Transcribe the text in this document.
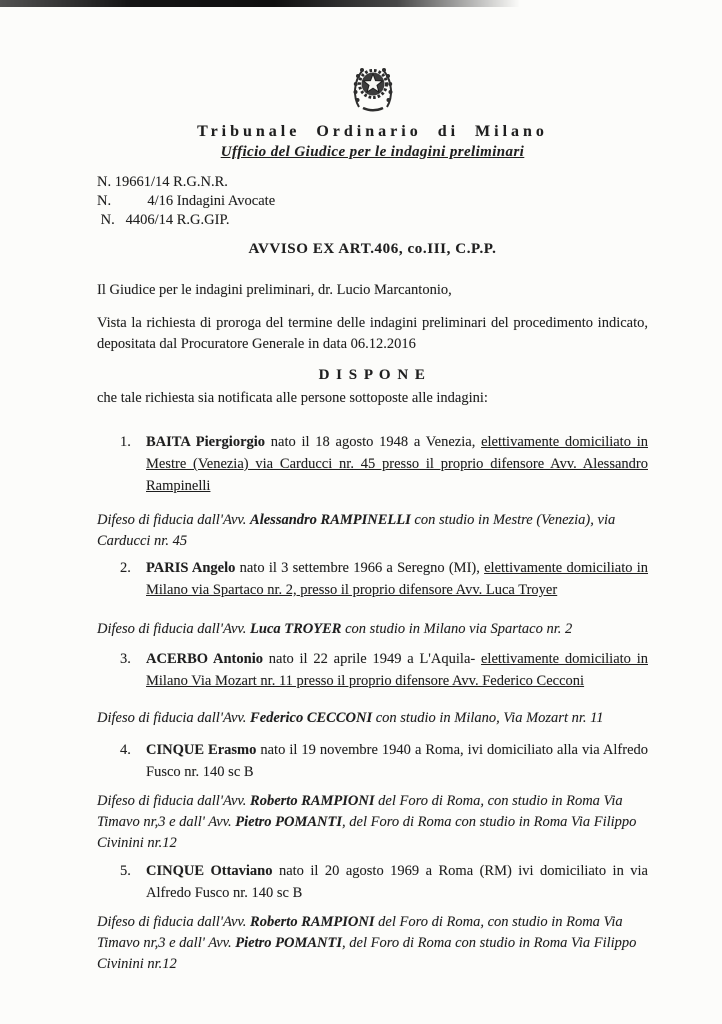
Tribunale Ordinario di Milano
Ufficio del Giudice per le indagini preliminari
N. 19661/14 R.G.N.R.
N.          4/16 Indagini Avocate
N.   4406/14 R.G.GIP.
AVVISO EX ART.406, co.III, C.P.P.
Il Giudice per le indagini preliminari, dr. Lucio Marcantonio,
Vista la richiesta di proroga del termine delle indagini preliminari del procedimento indicato, depositata dal Procuratore Generale in data 06.12.2016
D I S P O N E
che tale richiesta sia notificata alle persone sottoposte alle indagini:
1.	BAITA Piergiorgio nato il 18 agosto 1948 a Venezia, elettivamente domiciliato in Mestre (Venezia) via Carducci nr. 45 presso il proprio difensore Avv. Alessandro Rampinelli

Difeso di fiducia dall'Avv. Alessandro RAMPINELLI con studio in Mestre (Venezia), via Carducci nr. 45

2.	PARIS Angelo nato il 3 settembre 1966 a Seregno (MI), elettivamente domiciliato in Milano via Spartaco nr. 2, presso il proprio difensore Avv. Luca Troyer

Difeso di fiducia dall'Avv. Luca TROYER con studio in Milano via Spartaco nr. 2

3.	ACERBO Antonio nato il 22 aprile 1949 a L'Aquila- elettivamente domiciliato in Milano Via Mozart nr. 11 presso il proprio difensore Avv. Federico Cecconi

Difeso di fiducia dall'Avv. Federico CECCONI con studio in Milano, Via Mozart nr. 11

4.	CINQUE Erasmo nato il 19 novembre 1940 a Roma, ivi domiciliato alla via Alfredo Fusco nr. 140 sc B

Difeso di fiducia dall'Avv. Roberto RAMPIONI del Foro di Roma, con studio in Roma Via Timavo nr,3 e dall' Avv. Pietro POMANTI, del Foro di Roma con studio in Roma Via Filippo Civinini nr.12

5.	CINQUE Ottaviano nato il 20 agosto 1969 a Roma (RM) ivi domiciliato in via Alfredo Fusco nr. 140 sc B

Difeso di fiducia dall'Avv. Roberto RAMPIONI del Foro di Roma, con studio in Roma Via Timavo nr,3 e dall' Avv. Pietro POMANTI, del Foro di Roma con studio in Roma Via Filippo Civinini nr.12
